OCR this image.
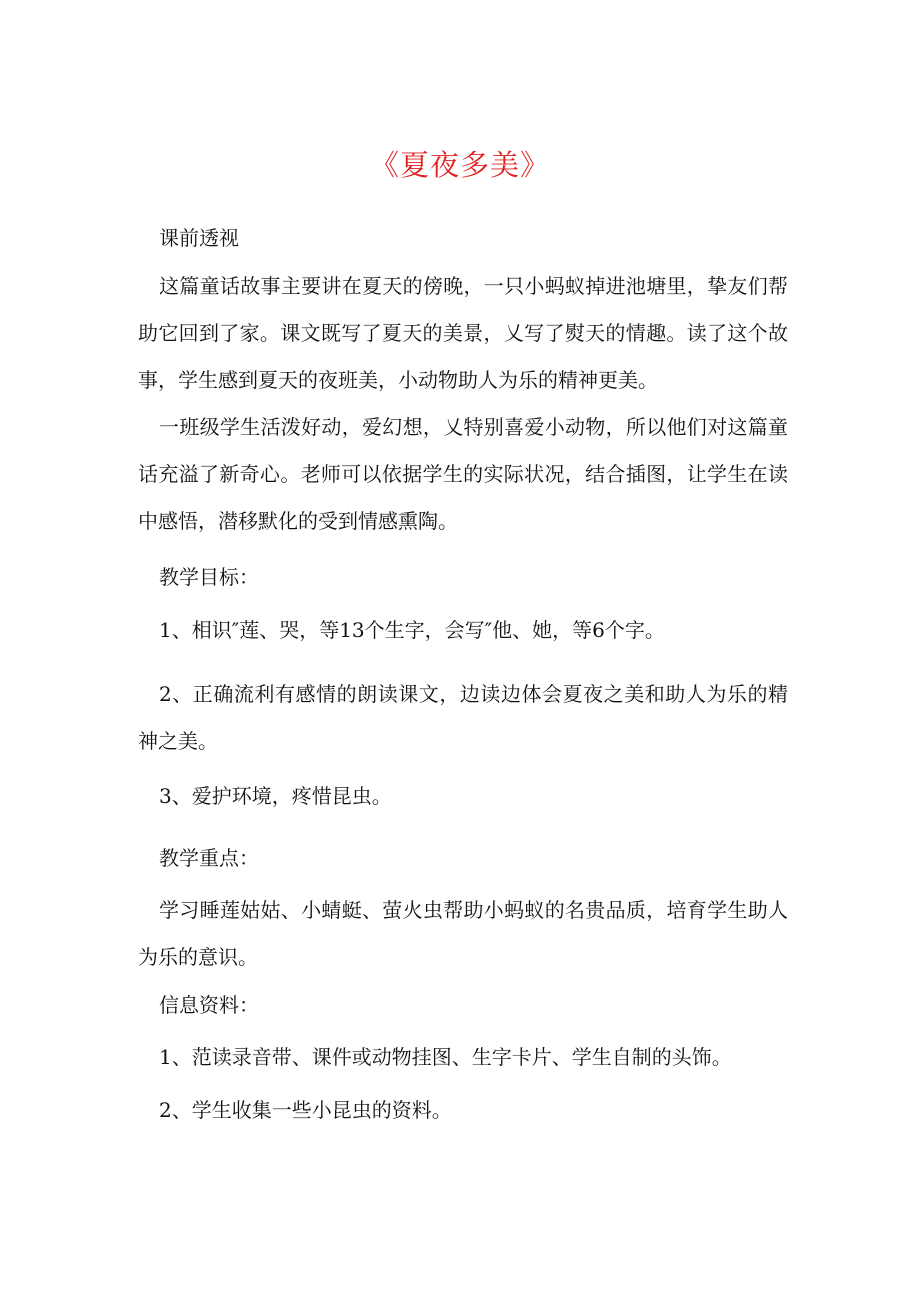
《夏夜多美》

课前透视

这篇童话故事主要讲在夏天的傍晚，一只小蚂蚁掉进池塘里，挚友们帮助它回到了家。课文既写了夏天的美景，乂写了熨天的情趣。读了这个故事，学生感到夏天的夜班美，小动物助人为乐的精神更美。

一班级学生活泼好动，爱幻想，乂特别喜爱小动物，所以他们对这篇童话充溢了新奇心。老师可以依据学生的实际状况，结合插图，让学生在读中感悟，潜移默化的受到情感熏陶。

教学目标：

1、相识″莲、哭，等13个生字，会写″他、她，等6个字。

2、正确流利有感情的朗读课文，边读边体会夏夜之美和助人为乐的精神之美。

3、爱护环境，疼惜昆虫。

教学重点：

学习睡莲姑姑、小蜻蜓、萤火虫帮助小蚂蚁的名贵品质，培育学生助人为乐的意识。

信息资料：

1、范读录音带、课件或动物挂图、生字卡片、学生自制的头饰。

2、学生收集一些小昆虫的资料。
